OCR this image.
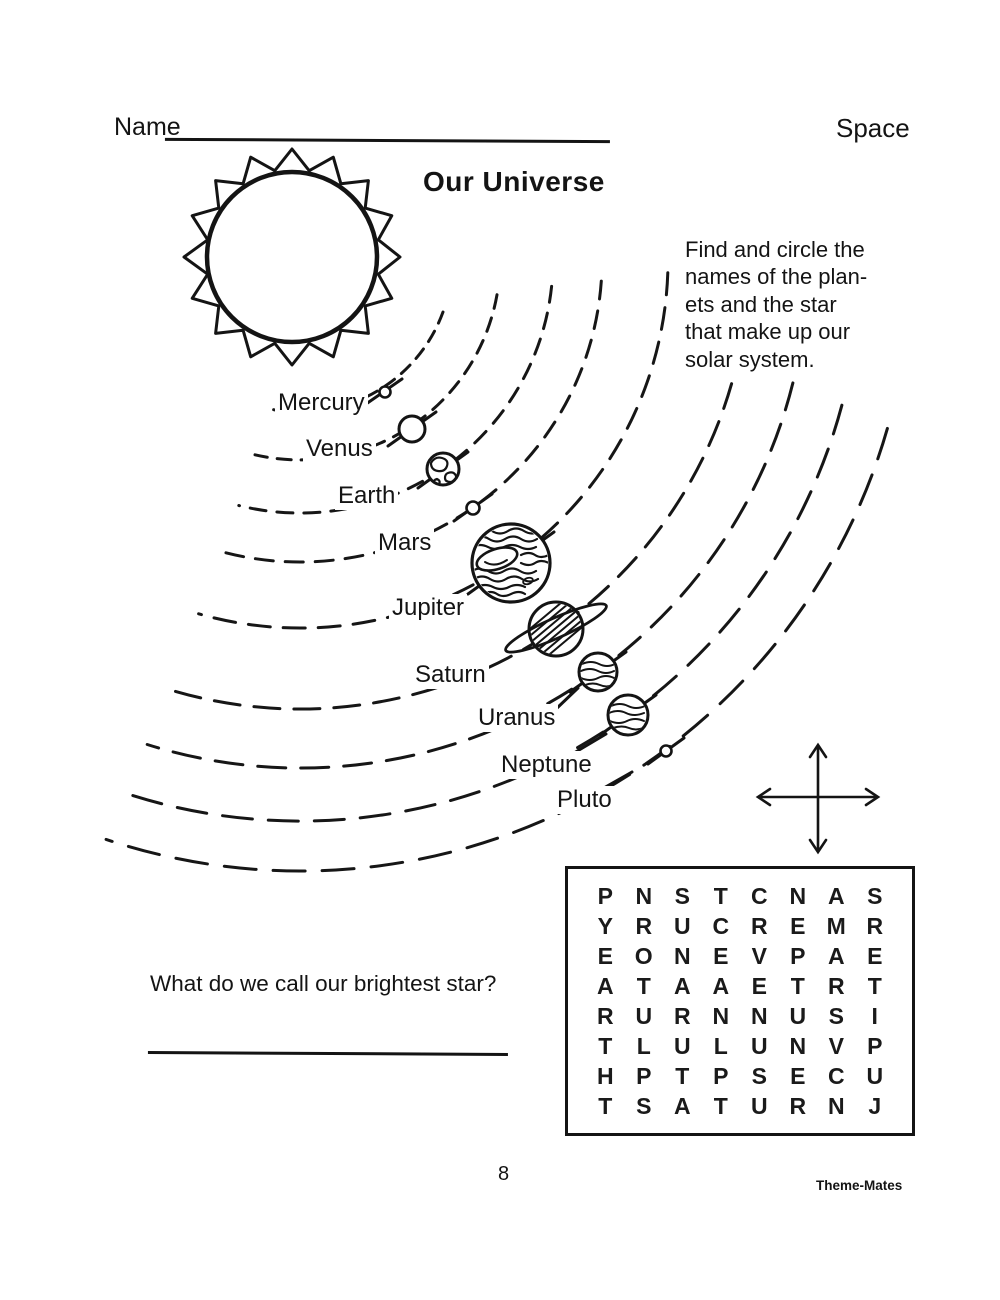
Name	Space
Our Universe
Find and circle the
names of the plan-
ets and the star
that make up our
solar system.
Mercury
Venus
Earth
Mars
Jupiter
Saturn
Uranus
Neptune
Pluto
P N S	T	C N A S
Y R U C R E M R
E O N E	V	P A E
A	T	A A E	T	R	T
R U R N N U S	I
T	L	U	L	U N V	P
H P	T	P	S	E C U
T	S A	T	U R N	J
What do we call our brightest star?
8
Theme-Mates
